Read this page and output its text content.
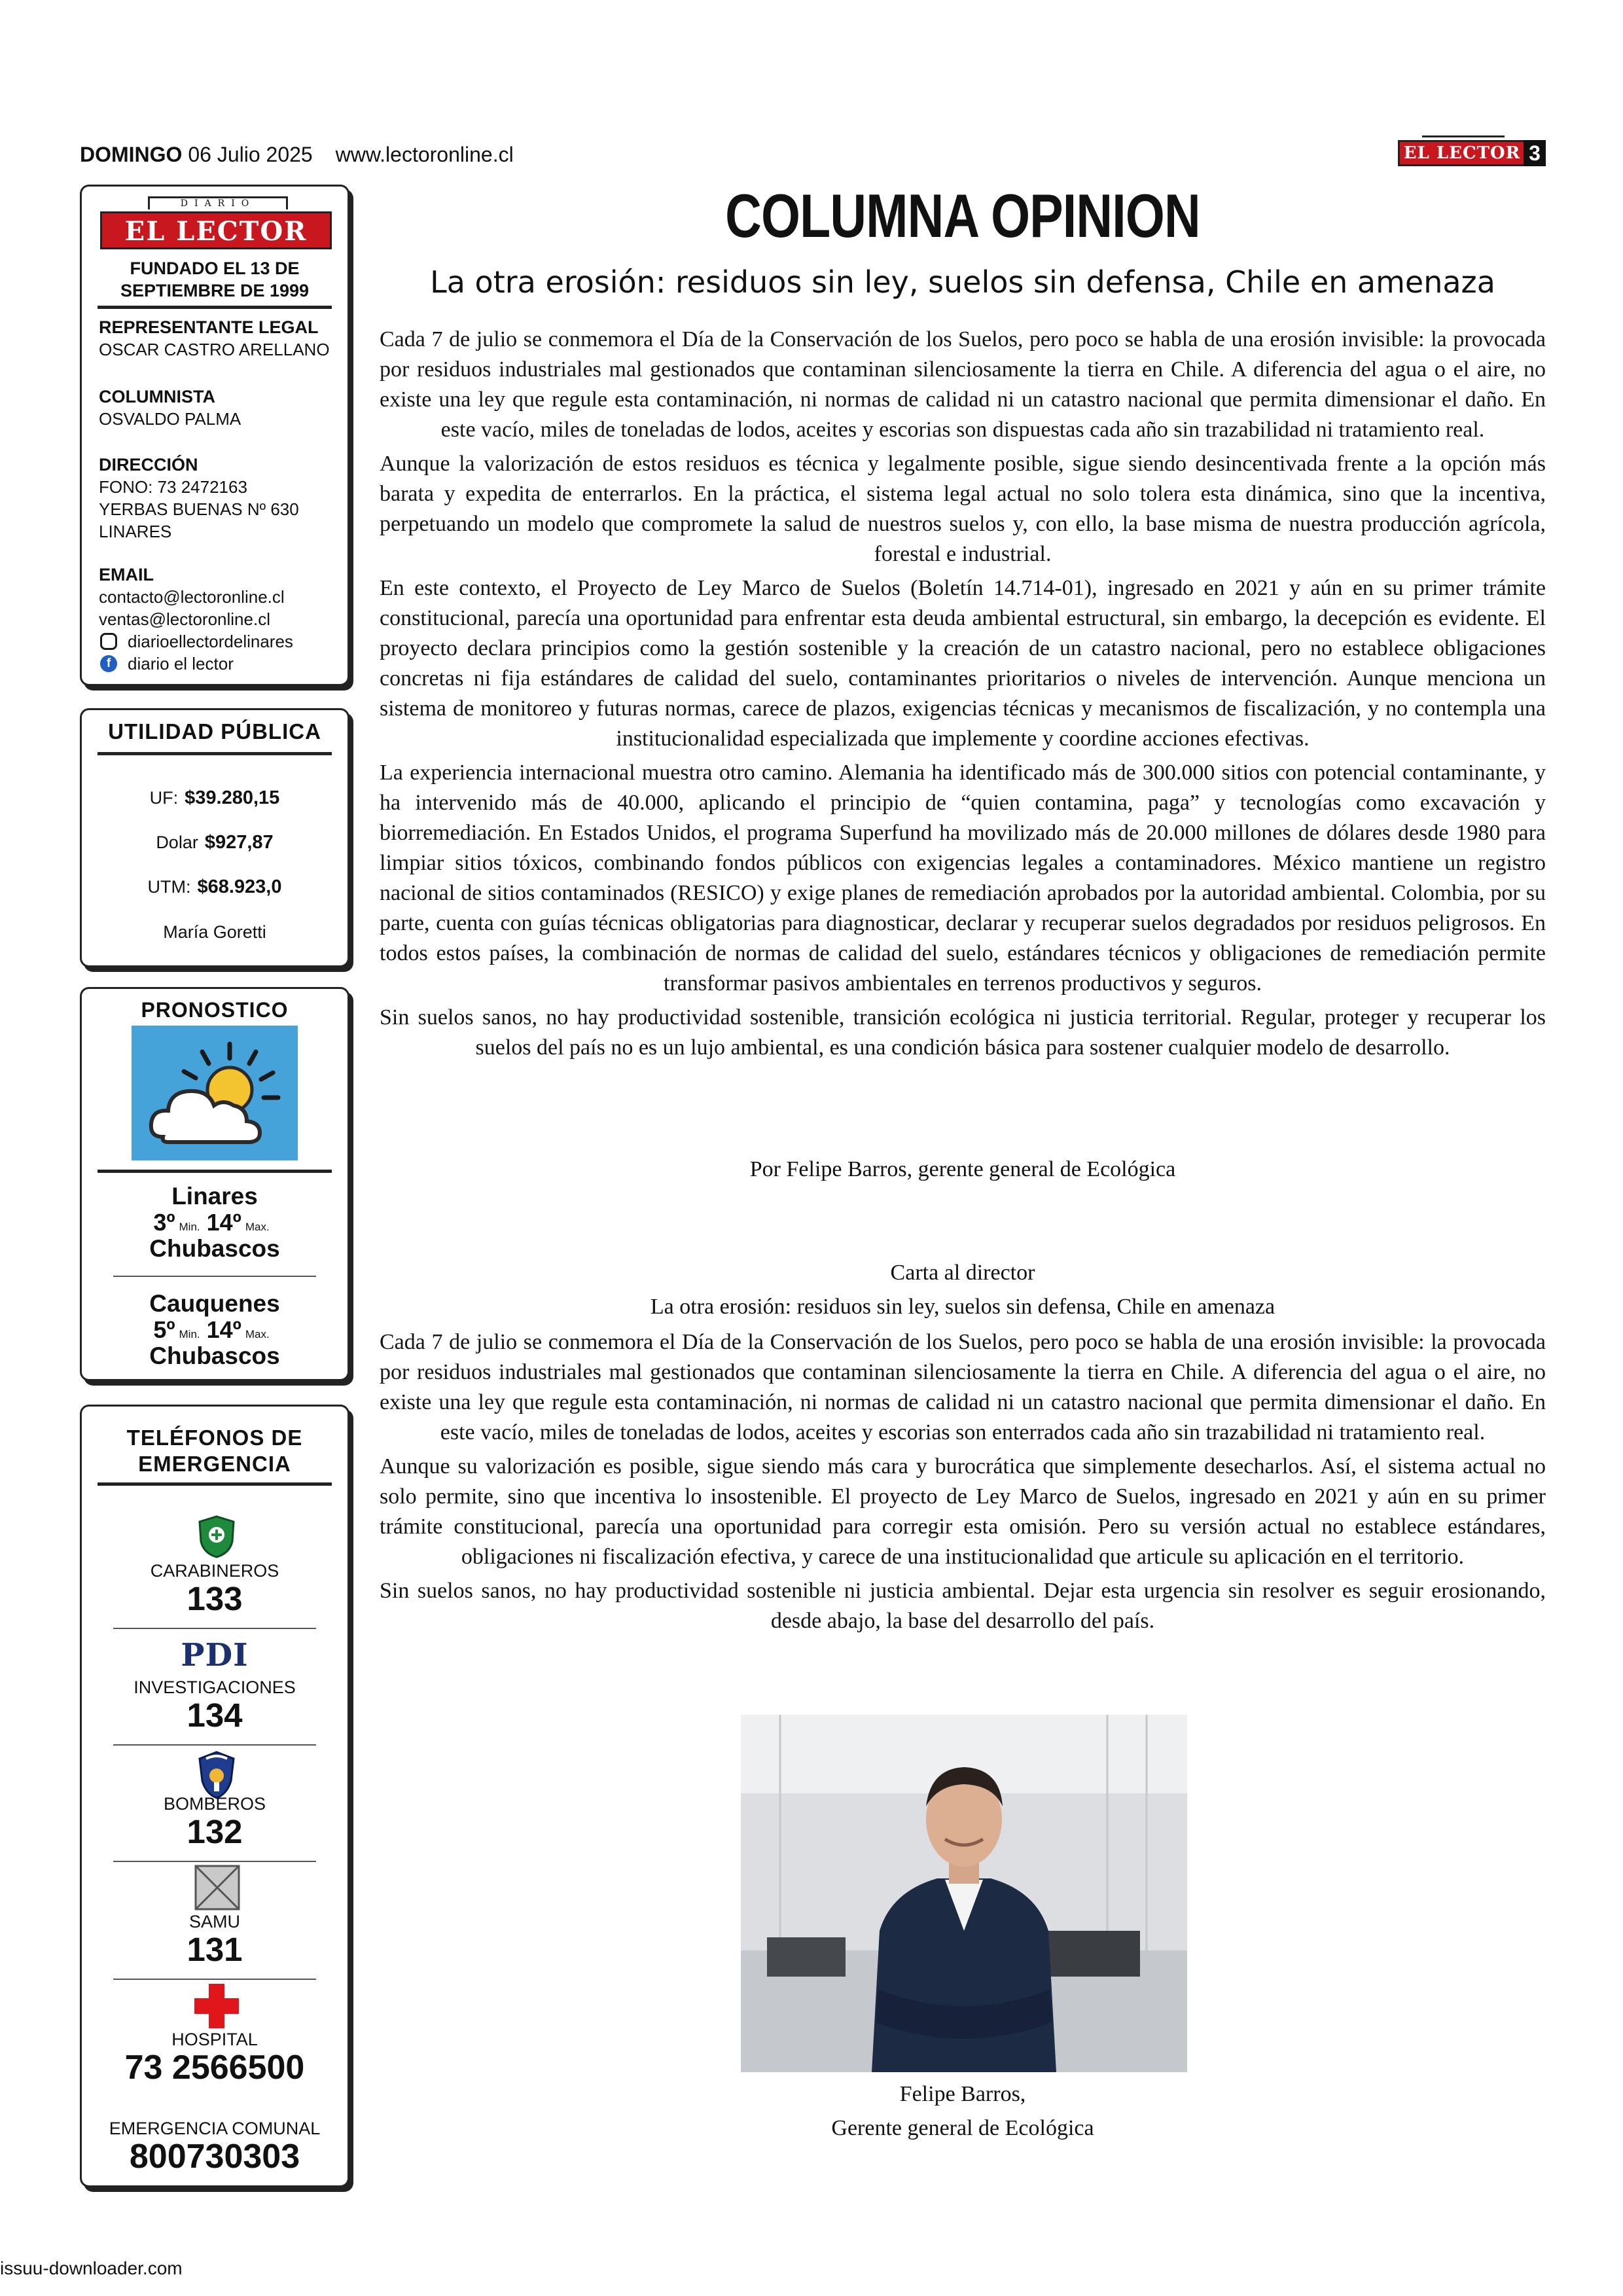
DOMINGO 06 Julio 2025 www.lectoronline.cl	EL LECTOR 3
DIARIO
EL LECTOR
FUNDADO EL 13 DE
SEPTIEMBRE DE 1999
REPRESENTANTE LEGAL
OSCAR CASTRO ARELLANO
COLUMNISTA
OSVALDO PALMA
DIRECCIÓN
FONO: 73 2472163
YERBAS BUENAS Nº 630
LINARES
EMAIL
contacto@lectoronline.cl
ventas@lectoronline.cl
diarioellectordelinares
f diario el lector
UTILIDAD PÚBLICA
UF: $39.280,15
Dolar $927,87
UTM: $68.923,0
María Goretti
PRONOSTICO
Linares
3º Min. 14º Max.
Chubascos
Cauquenes
5º Min. 14º Max.
Chubascos
TELÉFONOS DE
EMERGENCIA
CARABINEROS
133
PDI
INVESTIGACIONES
134
BOMBEROS
132
SAMU
131
HOSPITAL
73 2566500
EMERGENCIA COMUNAL
800730303
COLUMNA OPINION
La otra erosión: residuos sin ley, suelos sin defensa, Chile en amenaza

Cada 7 de julio se conmemora el Día de la Conservación de los Suelos, pero poco se habla de una erosión invisible: la provocada por residuos industriales mal gestionados que contaminan silenciosamente la tierra en Chile. A diferencia del agua o el aire, no existe una ley que regule esta contaminación, ni normas de calidad ni un catastro nacional que permita dimensionar el daño. En este vacío, miles de toneladas de lodos, aceites y escorias son dispuestas cada año sin trazabilidad ni tratamiento real.

Aunque la valorización de estos residuos es técnica y legalmente posible, sigue siendo desincentivada frente a la opción más barata y expedita de enterrarlos. En la práctica, el sistema legal actual no solo tolera esta dinámica, sino que la incentiva, perpetuando un modelo que compromete la salud de nuestros suelos y, con ello, la base misma de nuestra producción agrícola, forestal e industrial.

En este contexto, el Proyecto de Ley Marco de Suelos (Boletín 14.714-01), ingresado en 2021 y aún en su primer trámite constitucional, parecía una oportunidad para enfrentar esta deuda ambiental estructural, sin embargo, la decepción es evidente. El proyecto declara principios como la gestión sostenible y la creación de un catastro nacional, pero no establece obligaciones concretas ni fija estándares de calidad del suelo, contaminantes prioritarios o niveles de intervención. Aunque menciona un sistema de monitoreo y futuras normas, carece de plazos, exigencias técnicas y mecanismos de fiscalización, y no contempla una institucionalidad especializada que implemente y coordine acciones efectivas.

La experiencia internacional muestra otro camino. Alemania ha identificado más de 300.000 sitios con potencial contaminante, y ha intervenido más de 40.000, aplicando el principio de “quien contamina, paga” y tecnologías como excavación y biorremediación. En Estados Unidos, el programa Superfund ha movilizado más de 20.000 millones de dólares desde 1980 para limpiar sitios tóxicos, combinando fondos públicos con exigencias legales a contaminadores. México mantiene un registro nacional de sitios contaminados (RESICO) y exige planes de remediación aprobados por la autoridad ambiental. Colombia, por su parte, cuenta con guías técnicas obligatorias para diagnosticar, declarar y recuperar suelos degradados por residuos peligrosos. En todos estos países, la combinación de normas de calidad del suelo, estándares técnicos y obligaciones de remediación permite transformar pasivos ambientales en terrenos productivos y seguros.

Sin suelos sanos, no hay productividad sostenible, transición ecológica ni justicia territorial. Regular, proteger y recuperar los suelos del país no es un lujo ambiental, es una condición básica para sostener cualquier modelo de desarrollo.

Por Felipe Barros, gerente general de Ecológica
Carta al director
La otra erosión: residuos sin ley, suelos sin defensa, Chile en amenaza

Cada 7 de julio se conmemora el Día de la Conservación de los Suelos, pero poco se habla de una erosión invisible: la provocada por residuos industriales mal gestionados que contaminan silenciosamente la tierra en Chile. A diferencia del agua o el aire, no existe una ley que regule esta contaminación, ni normas de calidad ni un catastro nacional que permita dimensionar el daño. En este vacío, miles de toneladas de lodos, aceites y escorias son enterrados cada año sin trazabilidad ni tratamiento real.

Aunque su valorización es posible, sigue siendo más cara y burocrática que simplemente desecharlos. Así, el sistema actual no solo permite, sino que incentiva lo insostenible. El proyecto de Ley Marco de Suelos, ingresado en 2021 y aún en su primer trámite constitucional, parecía una oportunidad para corregir esta omisión. Pero su versión actual no establece estándares, obligaciones ni fiscalización efectiva, y carece de una institucionalidad que articule su aplicación en el territorio.

Sin suelos sanos, no hay productividad sostenible ni justicia ambiental. Dejar esta urgencia sin resolver es seguir erosionando, desde abajo, la base del desarrollo del país.

Felipe Barros,
Gerente general de Ecológica
issuu-downloader.com
